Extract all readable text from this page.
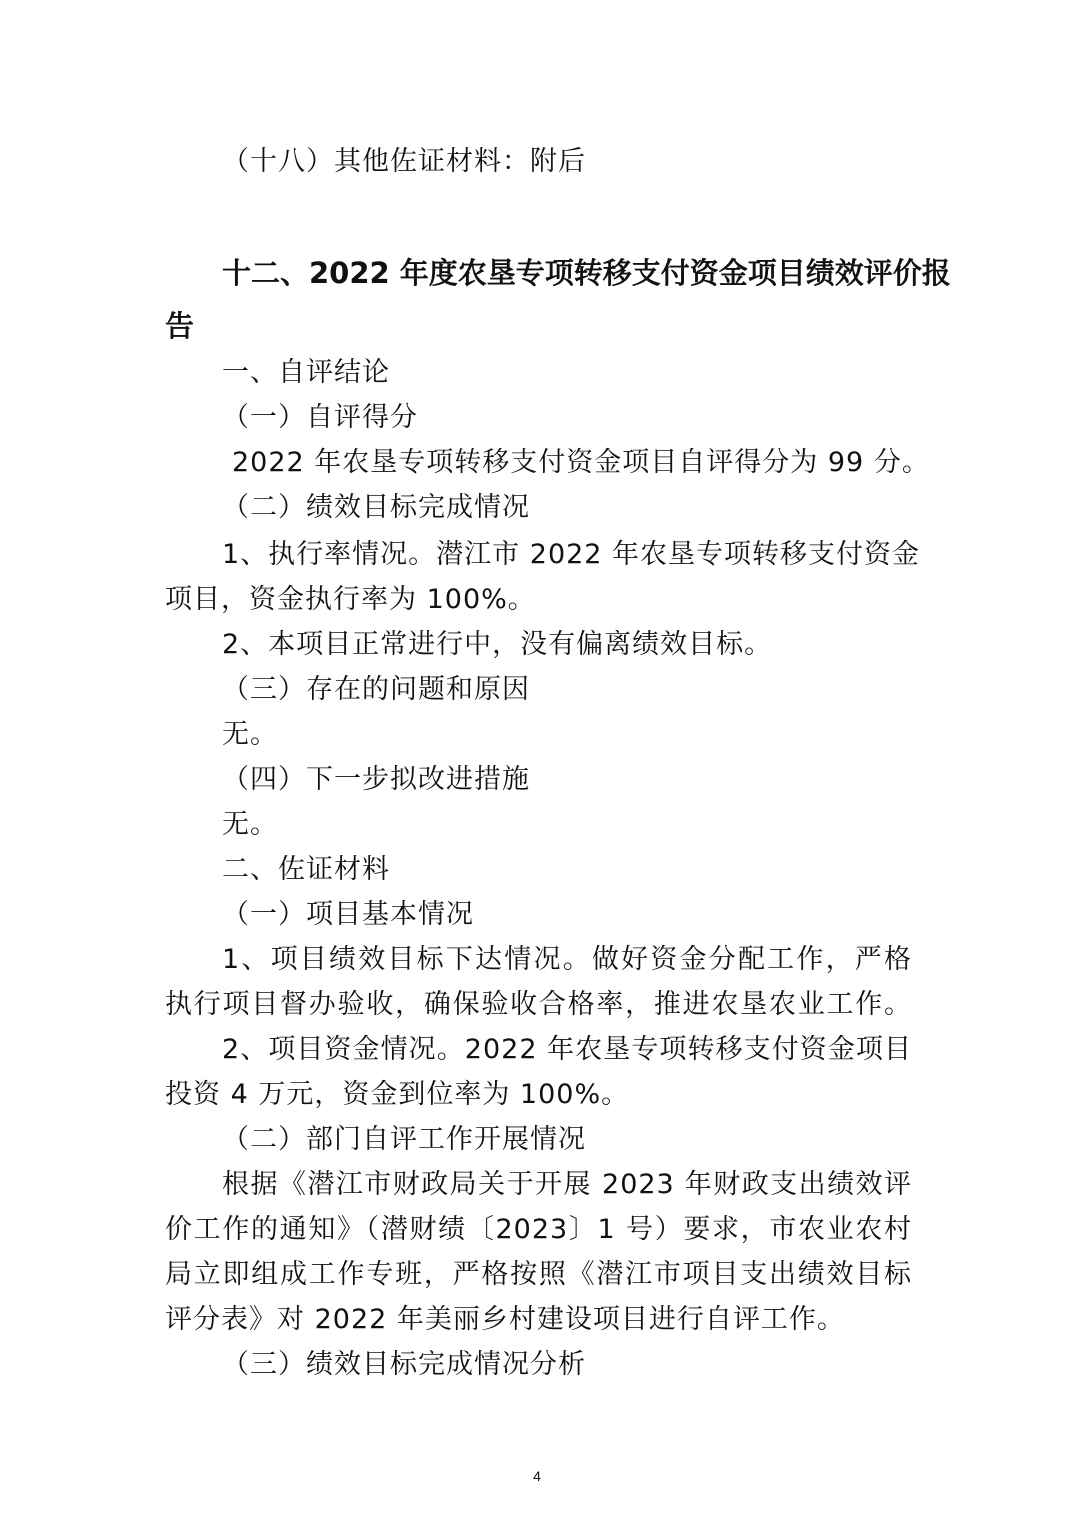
（十八）其他佐证材料：附后
十二、2022 年度农垦专项转移支付资金项目绩效评价报
告
一、自评结论
（一）自评得分
2022 年农垦专项转移支付资金项目自评得分为 99 分。
（二）绩效目标完成情况
1、执行率情况。潜江市 2022 年农垦专项转移支付资金
项目，资金执行率为 100%。
2、本项目正常进行中，没有偏离绩效目标。
（三）存在的问题和原因
无。
（四）下一步拟改进措施
无。
二、佐证材料
（一）项目基本情况
1、项目绩效目标下达情况。做好资金分配工作，严格
执行项目督办验收，确保验收合格率，推进农垦农业工作。
2、项目资金情况。2022 年农垦专项转移支付资金项目
投资 4 万元，资金到位率为 100%。
（二）部门自评工作开展情况
根据《潜江市财政局关于开展 2023 年财政支出绩效评
价工作的通知》（潜财绩〔2023〕1 号）要求，市农业农村
局立即组成工作专班，严格按照《潜江市项目支出绩效目标
评分表》对 2022 年美丽乡村建设项目进行自评工作。
（三）绩效目标完成情况分析
4
